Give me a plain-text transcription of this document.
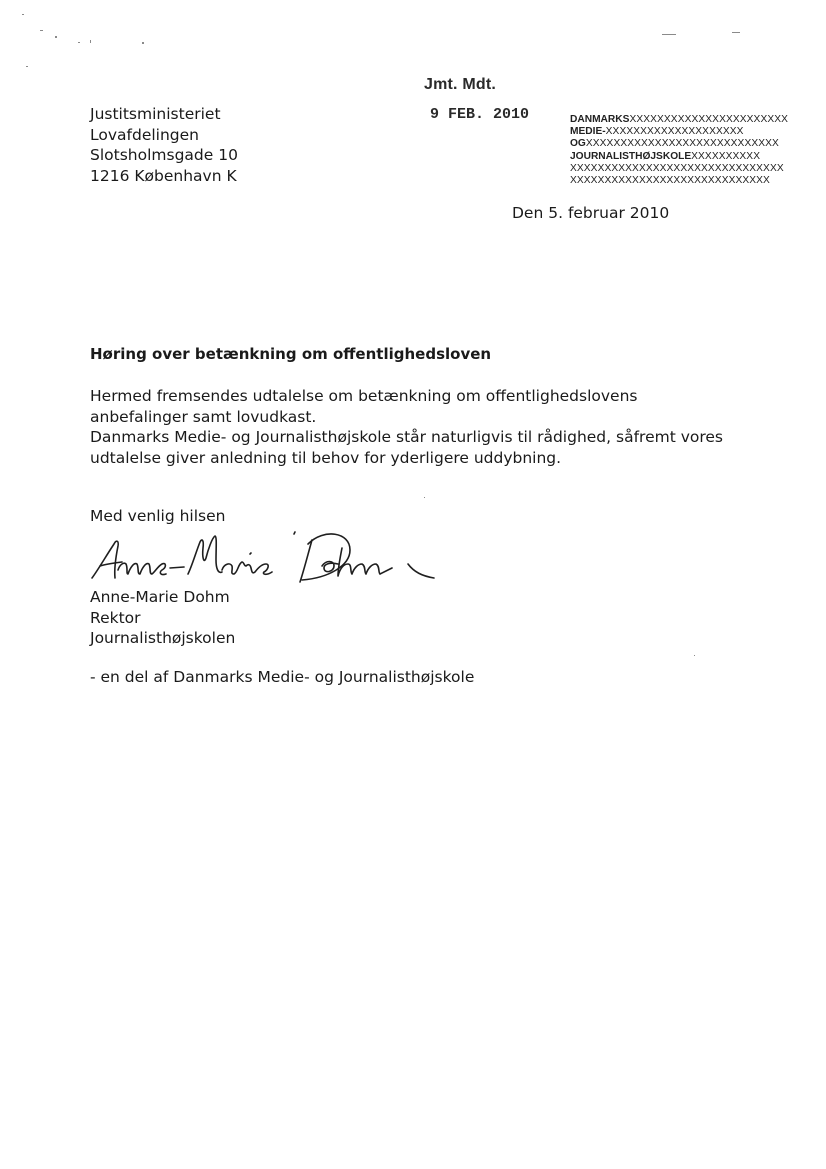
Justitsministeriet
Lovafdelingen
Slotsholmsgade 10
1216 København K
Jmt. Mdt.
9 FEB. 2010	DANMARKSXXXXXXXXXXXXXXXXXXXXXXX
MEDIE-XXXXXXXXXXXXXXXXXXXX
OGXXXXXXXXXXXXXXXXXXXXXXXXXXXX
JOURNALISTHØJSKOLEXXXXXXXXXX
XXXXXXXXXXXXXXXXXXXXXXXXXXXXXXX
XXXXXXXXXXXXXXXXXXXXXXXXXXXXX
Den 5. februar 2010
Høring over betænkning om offentlighedsloven
Hermed fremsendes udtalelse om betænkning om offentlighedslovens
anbefalinger samt lovudkast.
Danmarks Medie- og Journalisthøjskole står naturligvis til rådighed, såfremt vores
udtalelse giver anledning til behov for yderligere uddybning.
Med venlig hilsen
Anne-Marie Dohm
Rektor
Journalisthøjskolen
- en del af Danmarks Medie- og Journalisthøjskole
